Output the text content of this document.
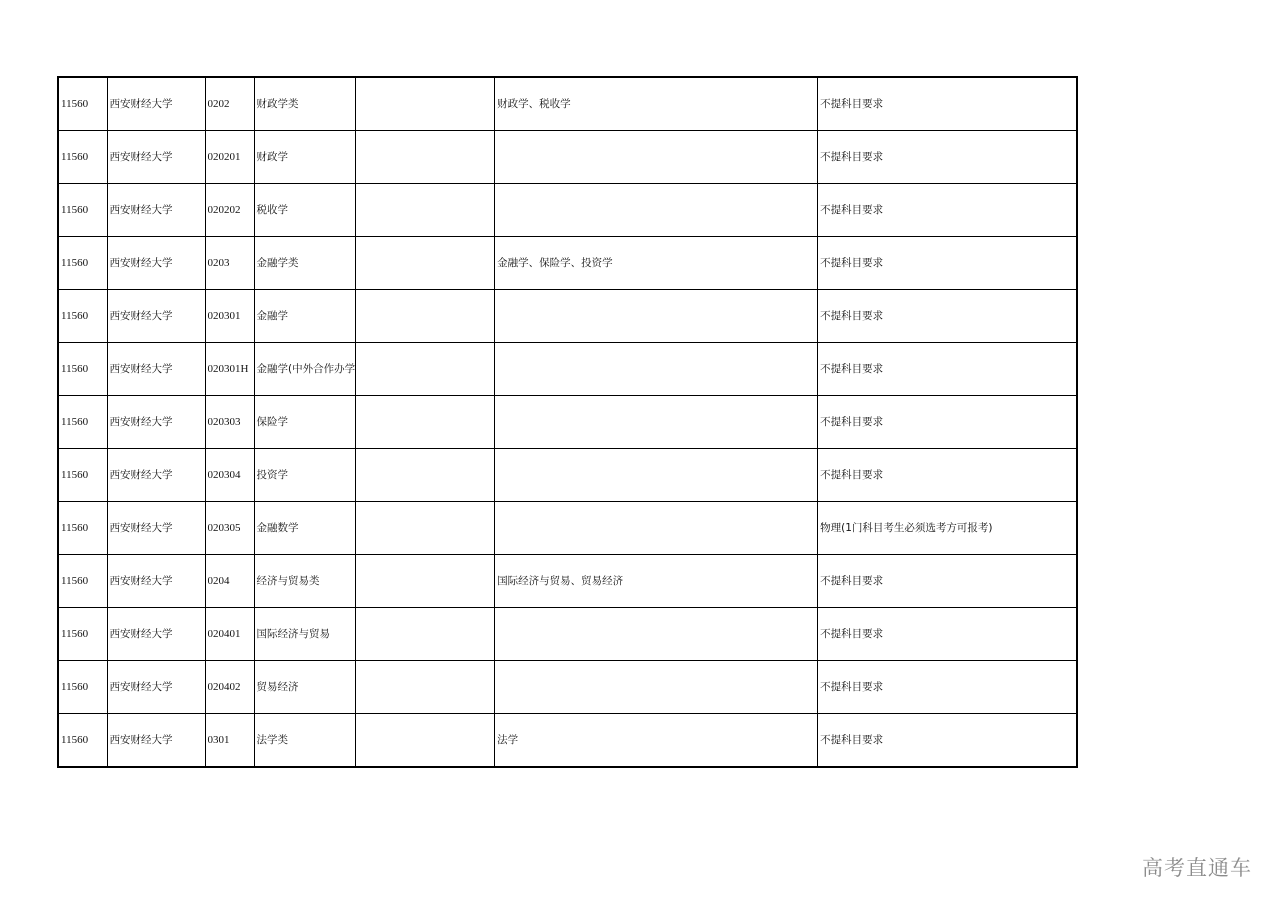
11560	西安财经大学	0202	财政学类		财政学、税收学	不提科目要求
11560	西安财经大学	020201	财政学			不提科目要求
11560	西安财经大学	020202	税收学			不提科目要求
11560	西安财经大学	0203	金融学类		金融学、保险学、投资学	不提科目要求
11560	西安财经大学	020301	金融学			不提科目要求
11560	西安财经大学	020301H	金融学(中外合作办学			不提科目要求
11560	西安财经大学	020303	保险学			不提科目要求
11560	西安财经大学	020304	投资学			不提科目要求
11560	西安财经大学	020305	金融数学			物理(1门科目考生必须选考方可报考)
11560	西安财经大学	0204	经济与贸易类		国际经济与贸易、贸易经济	不提科目要求
11560	西安财经大学	020401	国际经济与贸易			不提科目要求
11560	西安财经大学	020402	贸易经济			不提科目要求
11560	西安财经大学	0301	法学类		法学	不提科目要求
高考直通车
